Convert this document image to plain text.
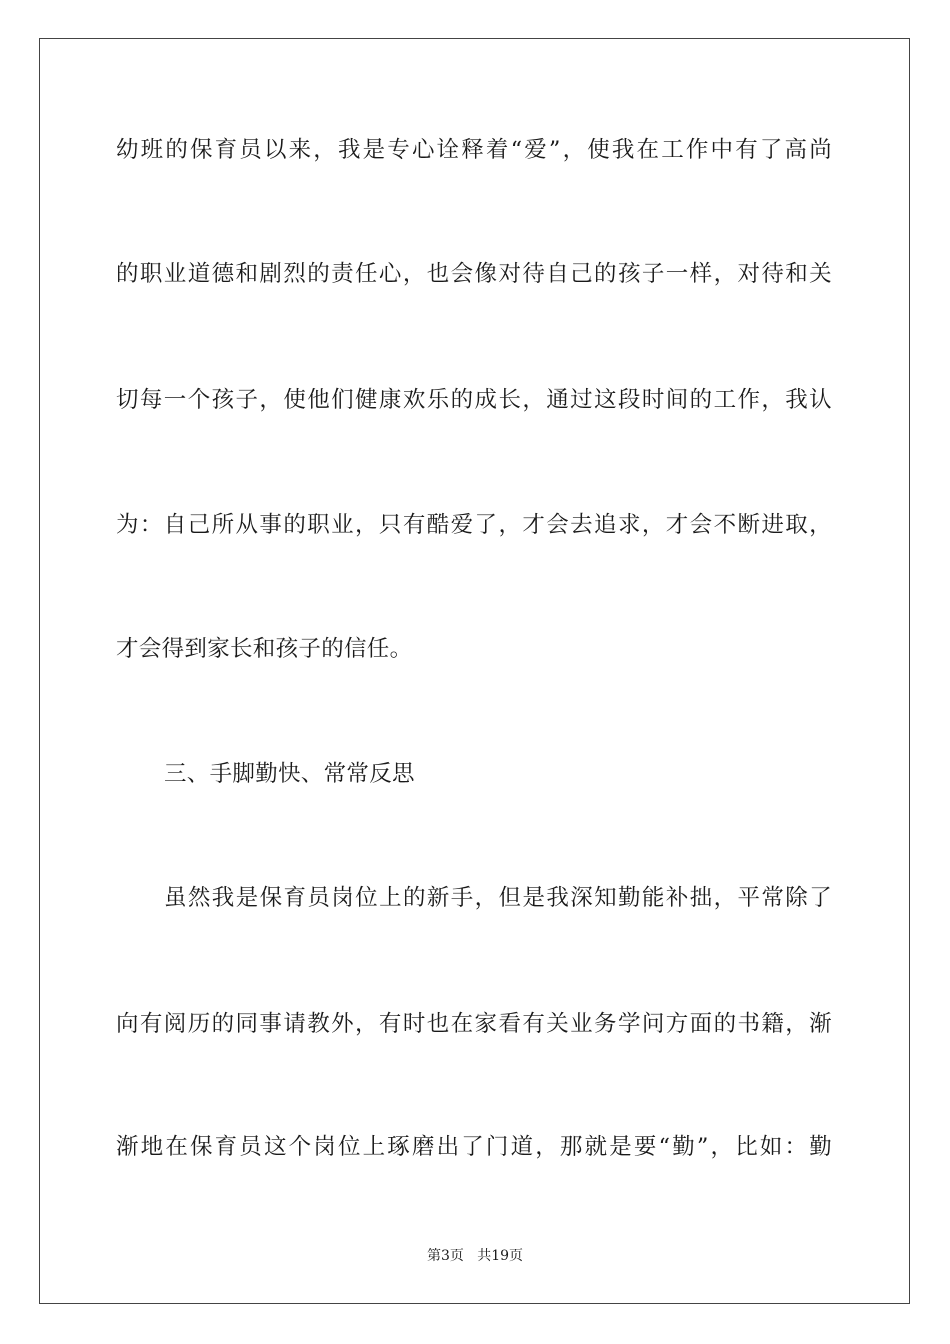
幼班的保育员以来，我是专心诠释着“爱”，使我在工作中有了高尚
的职业道德和剧烈的责任心，也会像对待自己的孩子一样，对待和关
切每一个孩子，使他们健康欢乐的成长，通过这段时间的工作，我认
为：自己所从事的职业，只有酷爱了，才会去追求，才会不断进取，
才会得到家长和孩子的信任。
三、手脚勤快、常常反思
虽然我是保育员岗位上的新手，但是我深知勤能补拙，平常除了
向有阅历的同事请教外，有时也在家看有关业务学问方面的书籍，渐
渐地在保育员这个岗位上琢磨出了门道，那就是要“勤”，比如：勤
第3页   共19页
